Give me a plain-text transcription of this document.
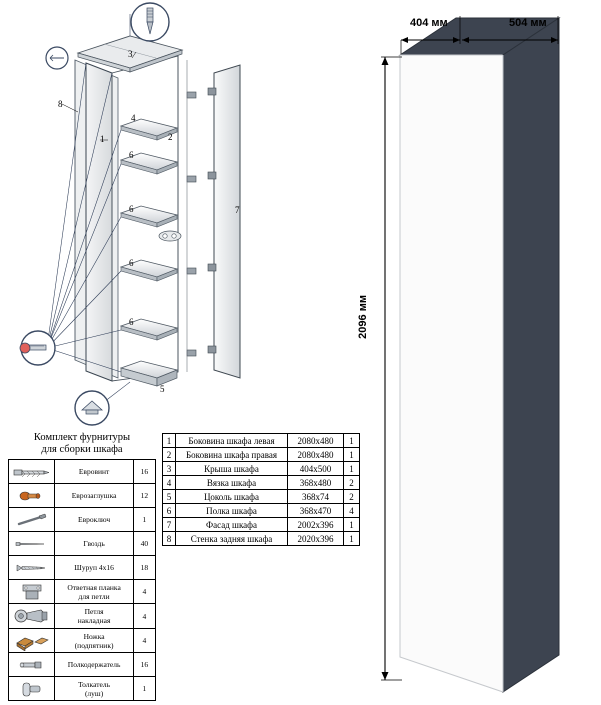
8
1
3
4
2
6
6
6
6
5
7
Комплект фурнитуры
для сборки шкафа
	Евровинт	16

	Еврозаглушка	12

	Евроключ	1

	Гвоздь	40

	Шуруп 4х16	18

	Ответная планка
для петли	4

	Петля
накладная	4

	Ножка
(подпятник)	4

	Полкодержатель	16

	Толкатель
(луш)	1
1	Боковина шкафа левая	2080х480	1
2	Боковина шкафа правая	2080х480	1
3	Крыша шкафа	404х500	1
4	Вязка шкафа	368х480	2
5	Цоколь шкафа	368х74	2
6	Полка шкафа	368х470	4
7	Фасад шкафа	2002х396	1
8	Стенка задняя шкафа	2020х396	1
404 мм	504 мм
2096 мм
